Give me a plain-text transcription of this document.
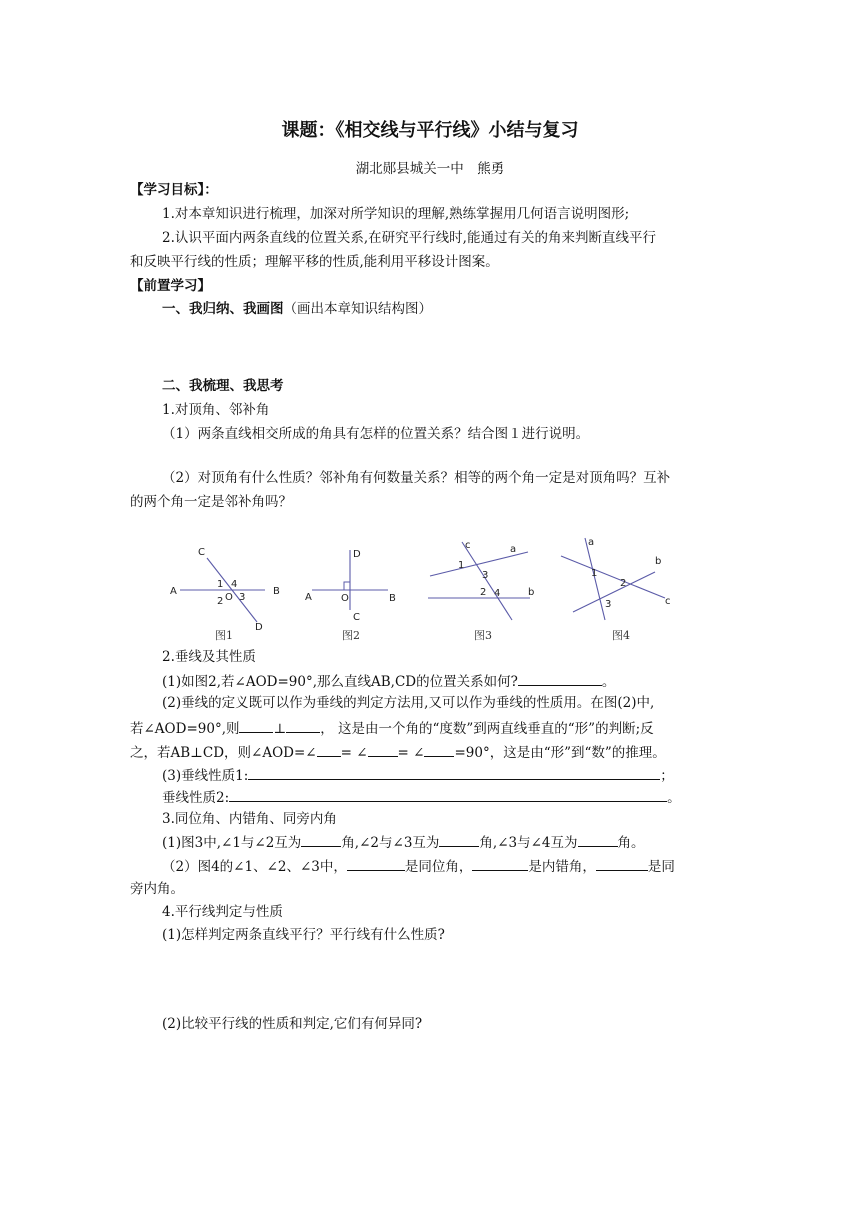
课题：《相交线与平行线》小结与复习
湖北郧县城关一中　熊勇
【学习目标】：
1.对本章知识进行梳理，加深对所学知识的理解,熟练掌握用几何语言说明图形;
2.认识平面内两条直线的位置关系,在研究平行线时,能通过有关的角来判断直线平行
和反映平行线的性质；理解平移的性质,能利用平移设计图案。
【前置学习】
一、我归纳、我画图（画出本章知识结构图）
二、我梳理、我思考
1.对顶角、邻补角
（1）两条直线相交所成的角具有怎样的位置关系？结合图１进行说明。
（2）对顶角有什么性质？邻补角有何数量关系？相等的两个角一定是对顶角吗？互补
的两个角一定是邻补角吗？
C
A	B
D
1 4
2 O 3
图1
D
A	O	B
C
图2
c	a
1
3
2 4	b
图3
a
b
1
2
3	c
图4
2.垂线及其性质
(1)如图2,若∠AOD=90°,那么直线AB,CD的位置关系如何?	。
(2)垂线的定义既可以作为垂线的判定方法用,又可以作为垂线的性质用。在图(2)中,
若∠AOD=90°,则	⊥	， 这是由一个角的“度数”到两直线垂直的“形”的判断;反
之，若AB⊥CD，则∠AOD=∠ = ∠ = ∠ =90°，这是由“形”到“数”的推理。
(3)垂线性质1:	；
垂线性质2:	。
3.同位角、内错角、同旁内角
(1)图3中,∠1与∠2互为	角,∠2与∠3互为	角,∠3与∠4互为	角。
（2）图4的∠1、∠2、∠3中，	是同位角，	是内错角，	是同
旁内角。
4.平行线判定与性质
(1)怎样判定两条直线平行？平行线有什么性质?
(2)比较平行线的性质和判定,它们有何异同?
